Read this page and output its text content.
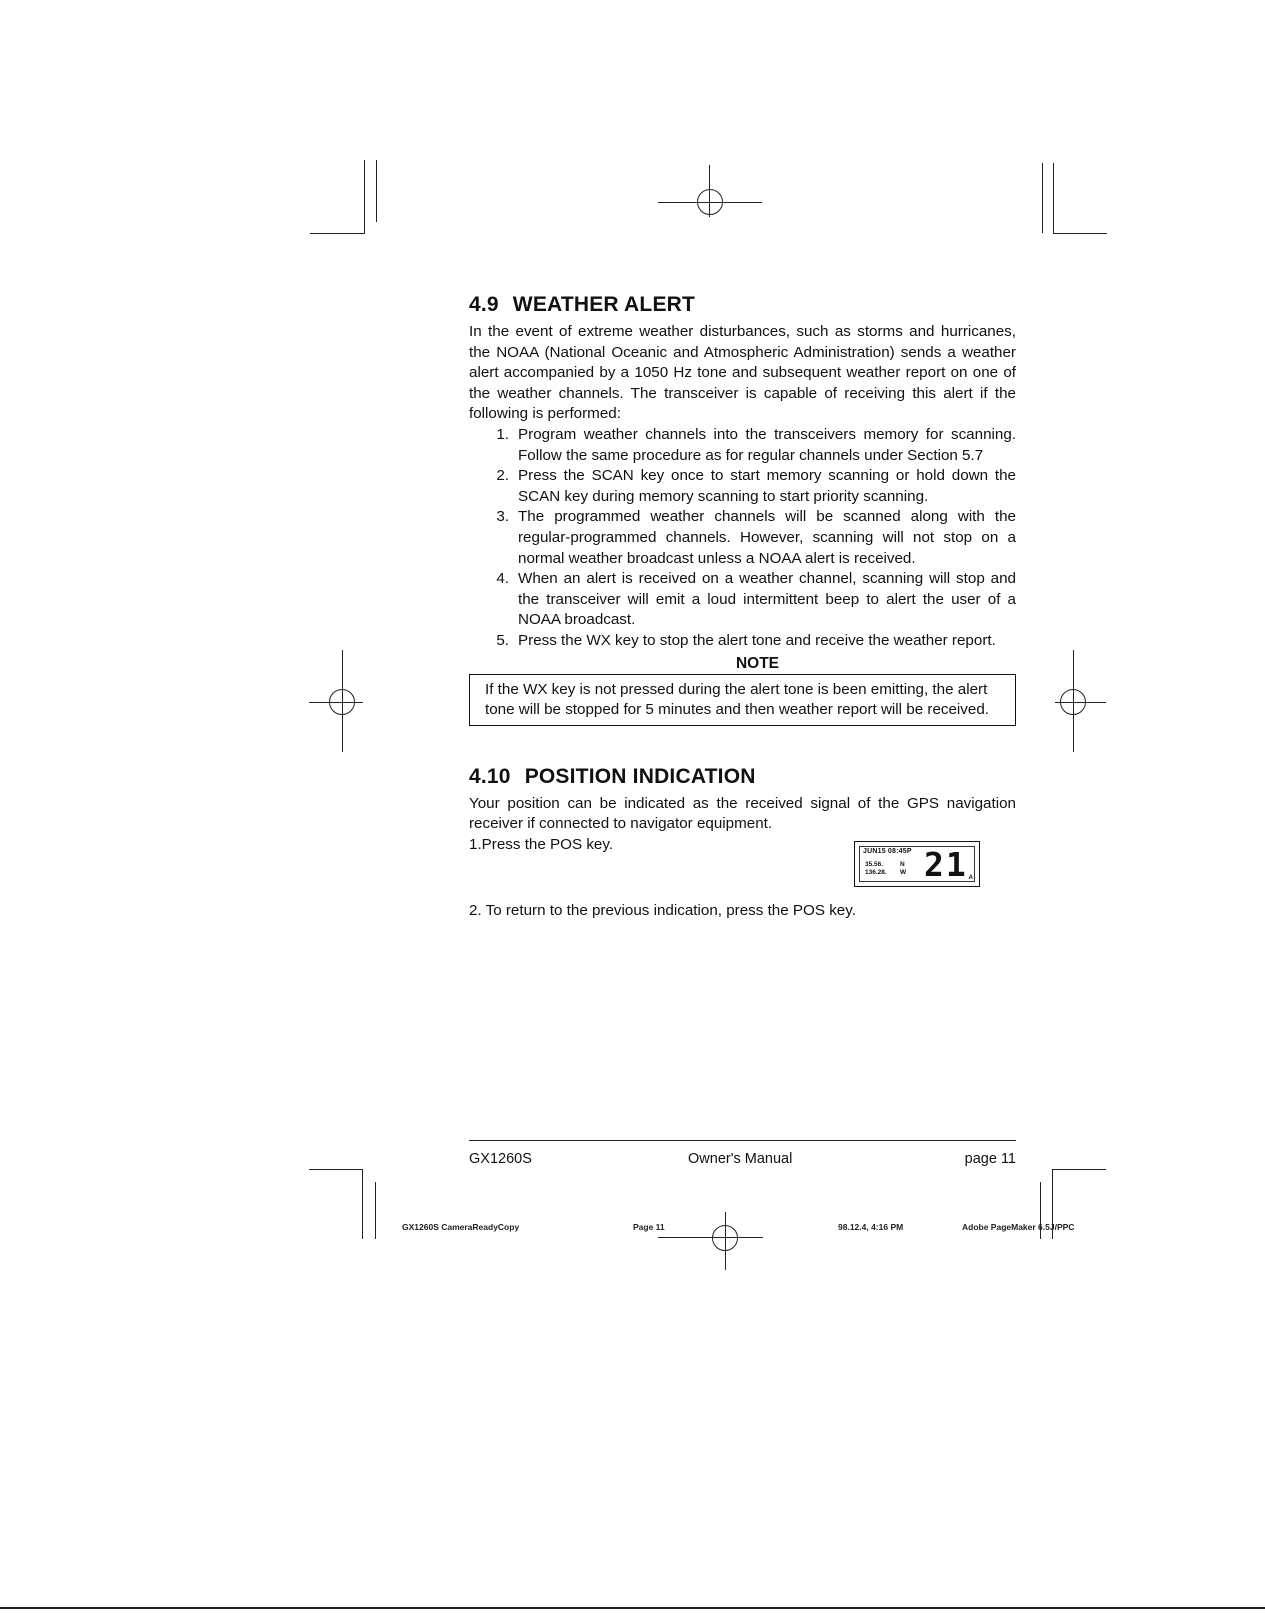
4.9 WEATHER ALERT

In the event of extreme weather disturbances, such as storms and hurricanes, the NOAA (National Oceanic and Atmospheric Administration) sends a weather alert accompanied by a 1050 Hz tone and subsequent weather report on one of the weather channels. The transceiver is capable of receiving this alert if the following is performed:

1. Program weather channels into the transceivers memory for scanning. Follow the same procedure as for regular channels under Section 5.7
2. Press the SCAN key once to start memory scanning or hold down the SCAN key during memory scanning to start priority scanning.
3. The programmed weather channels will be scanned along with the regular-programmed channels. However, scanning will not stop on a normal weather broadcast unless a NOAA alert is received.
4. When an alert is received on a weather channel, scanning will stop and the transceiver will emit a loud intermittent beep to alert the user of a NOAA broadcast.
5. Press the WX key to stop the alert tone and receive the weather report.
NOTE
If the WX key is not pressed during the alert tone is been emitting, the alert tone will be stopped for 5 minutes and then weather report will be received.
4.10 POSITION INDICATION

Your position can be indicated as the received signal of the GPS navigation receiver if connected to navigator equipment.

1.Press the POS key.	JUN15 08:45P
35.56.
136.28.
N
W 21 A
2. To return to the previous indication, press the POS key.
GX1260S	Owner's Manual	page 11
GX1260S CameraReadyCopy	Page 11	98.12.4, 4:16 PM	Adobe PageMaker 6.5J/PPC
